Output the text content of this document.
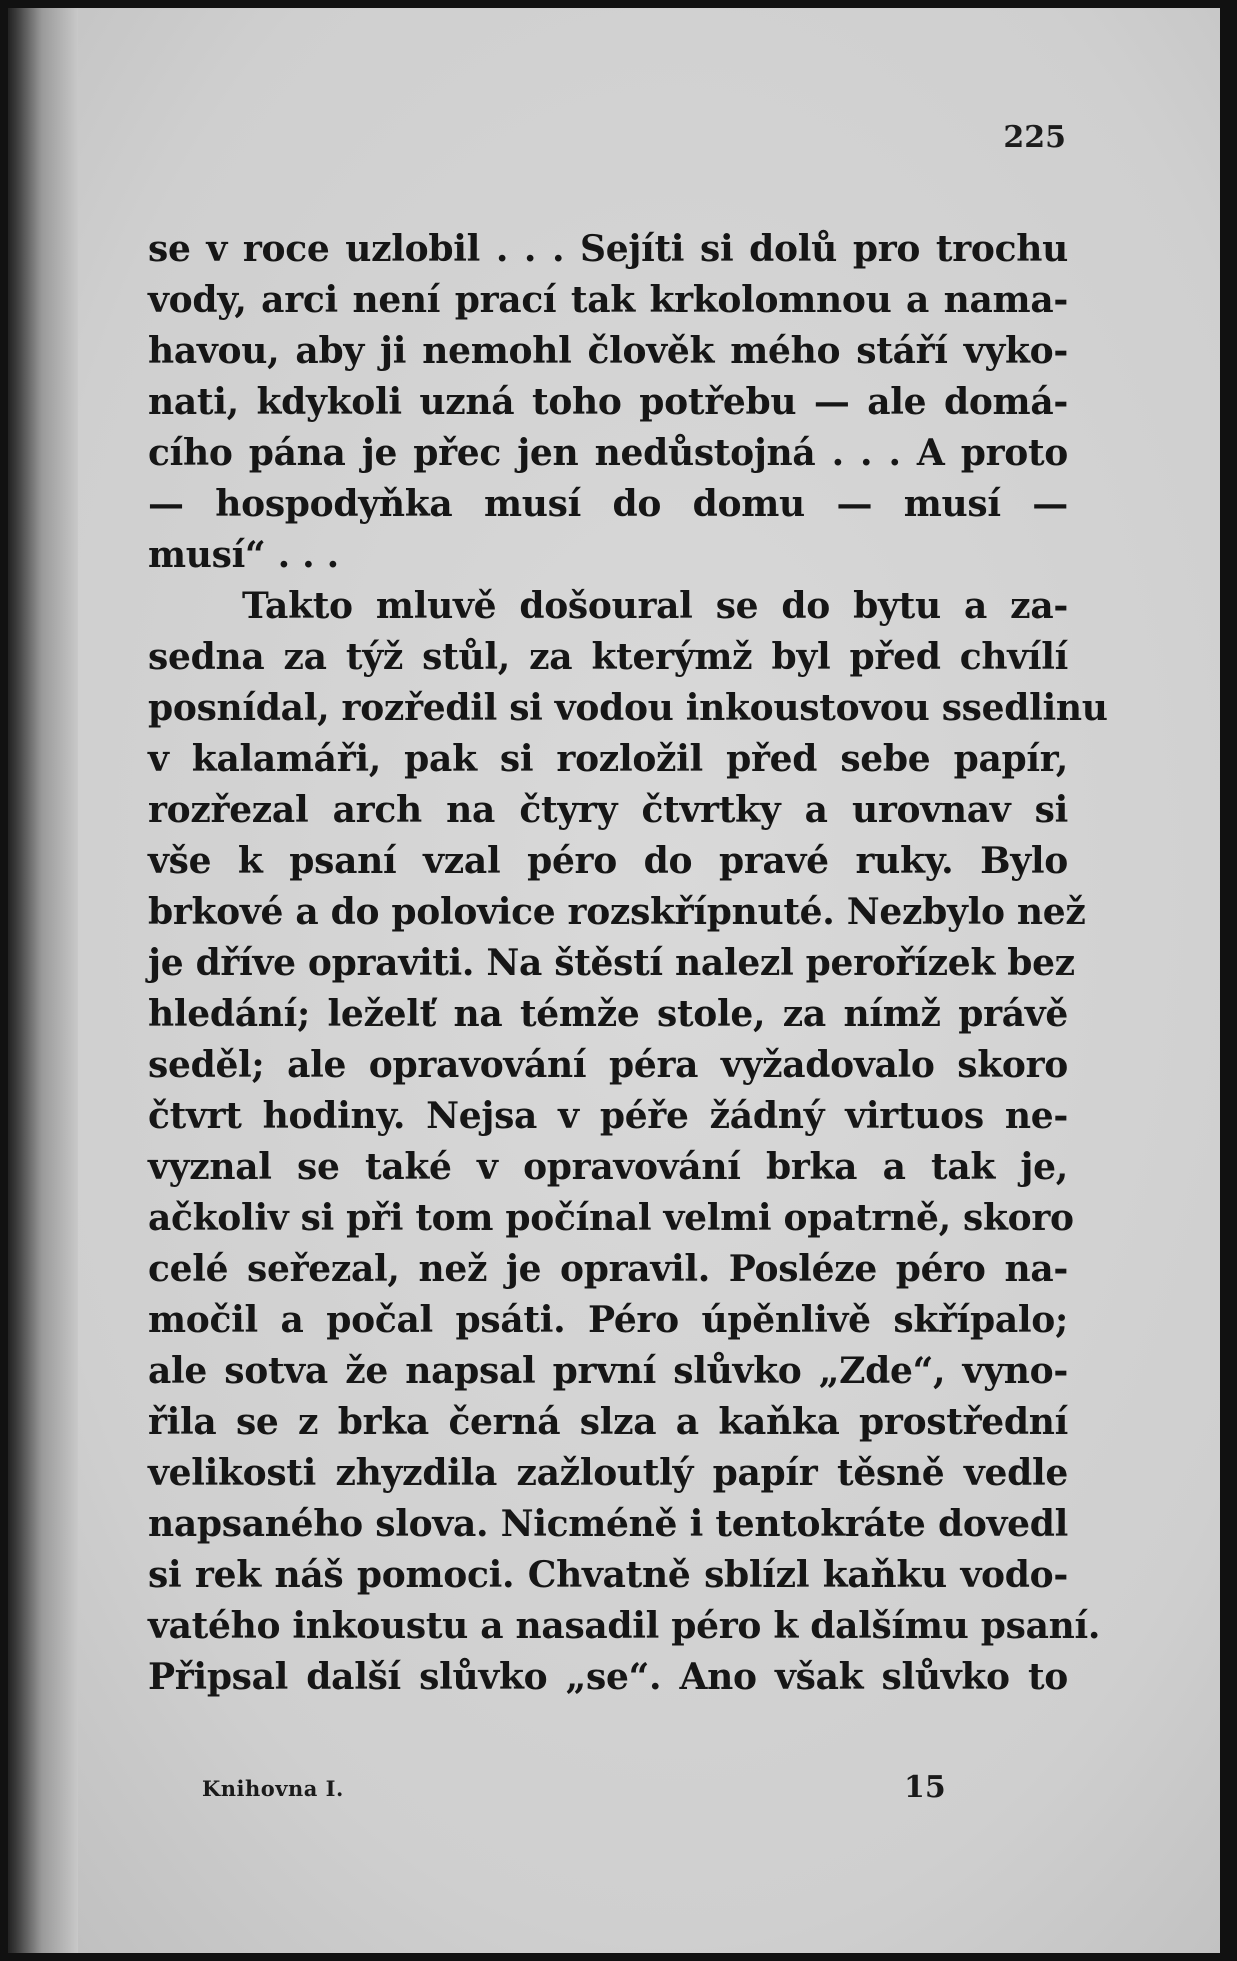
225
se v roce uzlobil . . . Sejíti si dolů pro trochu
vody, arci není prací tak krkolomnou a nama-
havou, aby ji nemohl člověk mého stáří vyko-
nati, kdykoli uzná toho potřebu — ale domá-
cího pána je přec jen nedůstojná . . . A proto
— hospodyňka musí do domu — musí —
musí“ . . .
Takto mluvě došoural se do bytu a za-
sedna za týž stůl, za kterýmž byl před chvílí
posnídal, rozředil si vodou inkoustovou ssedlinu
v kalamáři, pak si rozložil před sebe papír,
rozřezal arch na čtyry čtvrtky a urovnav si
vše k psaní vzal péro do pravé ruky. Bylo
brkové a do polovice rozskřípnuté. Nezbylo než
je dříve opraviti. Na štěstí nalezl peroříz​ek bez
hledání; leželť na témže stole, za nímž právě
seděl; ale opravování péra vyžadovalo skoro
čtvrt hodiny. Nejsa v péře žádný virtuos ne-
vyznal se také v opravování brka a tak je,
ačkoliv si při tom počínal velmi opatrně, skoro
celé seřezal, než je opravil. Posléze péro na-
močil a počal psáti. Péro úpěnlivě skřípalo;
ale sotva že napsal první slůvko „Zde“, vyno-
řila se z brka černá slza a kaňka prostřední
velikosti zhyzdila zažloutlý papír těsně vedle
napsaného slova. Nicméně i tentokráte dovedl
si rek náš pomoci. Chvatně sblízl kaňku vodo-
vatého inkoustu a nasadil péro k dalšímu psaní.
Připsal další slůvko „se“. Ano však slůvko to
Knihovna I.	15
